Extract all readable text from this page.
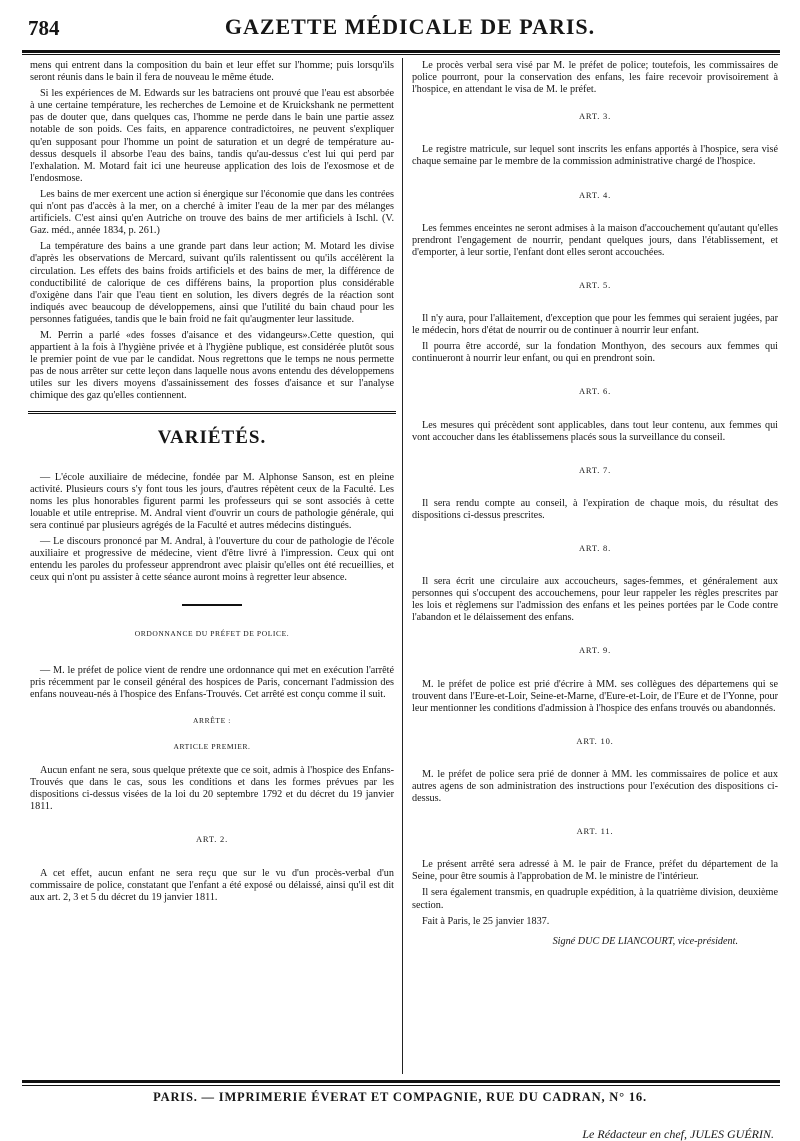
784	GAZETTE MÉDICALE DE PARIS.

mens qui entrent dans la composition du bain et leur effet sur l'homme; puis lorsqu'ils seront réunis dans le bain il fera de nouveau le même étude.

Si les expériences de M. Edwards sur les batraciens ont prouvé que l'eau est absorbée à une certaine température, les recherches de Lemoine et de Kruickshank ne permettent pas de douter que, dans quelques cas, l'homme ne perde dans le bain une partie assez notable de son poids. Ces faits, en apparence contradictoires, ne peuvent s'expliquer qu'en supposant pour l'homme un point de saturation et un degré de température au-dessus desquels il absorbe l'eau des bains, tandis qu'au-dessus c'est lui qui perd par l'exhalation. M. Motard fait ici une heureuse application des lois de l'exosmose et de l'endosmose.

Les bains de mer exercent une action si énergique sur l'économie que dans les contrées qui n'ont pas d'accès à la mer, on a cherché à imiter l'eau de la mer par des mélanges artificiels. C'est ainsi qu'en Autriche on trouve des bains de mer artificiels à Ischl. (V. Gaz. méd., année 1834, p. 261.)

La température des bains a une grande part dans leur action; M. Motard les divise d'après les observations de Mercard, suivant qu'ils ralentissent ou qu'ils accélèrent la circulation. Les effets des bains froids artificiels et des bains de mer, la différence de conductibilité de calorique de ces différens bains, la proportion plus considérable d'oxigène dans l'air que l'eau tient en solution, les divers degrés de la réaction sont indiqués avec beaucoup de développemens, ainsi que l'utilité du bain chaud pour les personnes fatiguées, tandis que le bain froid ne fait qu'augmenter leur lassitude.

M. Perrin a parlé «des fosses d'aisance et des vidangeurs».Cette question, qui appartient à la fois à l'hygiène privée et à l'hygiène publique, est considérée plutôt sous le premier point de vue par le candidat. Nous regrettons que le temps ne nous permette pas de nous arrêter sur cette leçon dans laquelle nous avons entendu des développemens utiles sur les divers moyens d'assainissement des fosses d'aisance et sur l'analyse chimique des gaz qu'elles contiennent.

VARIÉTÉS.

— L'école auxiliaire de médecine, fondée par M. Alphonse Sanson, est en pleine activité. Plusieurs cours s'y font tous les jours, d'autres répètent ceux de la Faculté. Les noms les plus honorables figurent parmi les professeurs qui se sont associés à cette louable et utile entreprise. M. Andral vient d'ouvrir un cours de pathologie générale, qui sera continué par plusieurs agrégés de la Faculté et autres médecins distingués.

— Le discours prononcé par M. Andral, à l'ouverture du cour de pathologie de l'école auxiliaire et progressive de médecine, vient d'être livré à l'impression. Ceux qui ont entendu les paroles du professeur apprendront avec plaisir qu'elles ont été recueillies, et ceux qui n'ont pu assister à cette séance auront moins à regretter leur absence.

ORDONNANCE DU PRÉFET DE POLICE.

— M. le préfet de police vient de rendre une ordonnance qui met en exécution l'arrêté pris récemment par le conseil général des hospices de Paris, concernant l'admission des enfans nouveau-nés à l'hospice des Enfans-Trouvés. Cet arrêté est conçu comme il suit.

ARRÊTE :
ARTICLE PREMIER.

Aucun enfant ne sera, sous quelque prétexte que ce soit, admis à l'hospice des Enfans-Trouvés que dans le cas, sous les conditions et dans les formes prévues par les dispositions ci-dessus visées de la loi du 20 septembre 1792 et du décret du 19 janvier 1811.

ART. 2.

A cet effet, aucun enfant ne sera reçu que sur le vu d'un procès-verbal d'un commissaire de police, constatant que l'enfant a été exposé ou délaissé, ainsi qu'il est dit aux art. 2, 3 et 5 du décret du 19 janvier 1811.

Le procès verbal sera visé par M. le préfet de police; toutefois, les commissaires de police pourront, pour la conservation des enfans, les faire recevoir provisoirement à l'hospice, en attendant le visa de M. le préfet.

ART. 3.

Le registre matricule, sur lequel sont inscrits les enfans apportés à l'hospice, sera visé chaque semaine par le membre de la commission administrative chargé de l'hospice.

ART. 4.

Les femmes enceintes ne seront admises à la maison d'accouchement qu'autant qu'elles prendront l'engagement de nourrir, pendant quelques jours, dans l'établissement, et d'emporter, à leur sortie, l'enfant dont elles seront accouchées.

ART. 5.

Il n'y aura, pour l'allaitement, d'exception que pour les femmes qui seraient jugées, par le médecin, hors d'état de nourrir ou de continuer à nourrir leur enfant.

Il pourra être accordé, sur la fondation Monthyon, des secours aux femmes qui continueront à nourrir leur enfant, ou qui en prendront soin.

ART. 6.

Les mesures qui précèdent sont applicables, dans tout leur contenu, aux femmes qui vont accoucher dans les établissemens placés sous la surveillance du conseil.

ART. 7.

Il sera rendu compte au conseil, à l'expiration de chaque mois, du résultat des dispositions ci-dessus prescrites.

ART. 8.

Il sera écrit une circulaire aux accoucheurs, sages-femmes, et généralement aux personnes qui s'occupent des accouchemens, pour leur rappeler les règles prescrites par les lois et règlemens sur l'admission des enfans et les peines portées par le Code contre l'abandon et le délaissement des enfans.

ART. 9.

M. le préfet de police est prié d'écrire à MM. ses collègues des départemens qui se trouvent dans l'Eure-et-Loir, Seine-et-Marne, d'Eure-et-Loir, de l'Eure et de l'Yonne, pour leur mentionner les conditions d'admission à l'hospice des enfans trouvés ou abandonnés.

ART. 10.

M. le préfet de police sera prié de donner à MM. les commissaires de police et aux autres agens de son administration des instructions pour l'exécution des dispositions ci-dessus.

ART. 11.

Le présent arrêté sera adressé à M. le pair de France, préfet du département de la Seine, pour être soumis à l'approbation de M. le ministre de l'intérieur.

Il sera également transmis, en quadruple expédition, à la quatrième division, deuxième section.

Fait à Paris, le 25 janvier 1837.

Signé DUC DE LIANCOURT, vice-président.

Le Rédacteur en chef, JULES GUÉRIN.

PARIS. — IMPRIMERIE ÉVERAT ET COMPAGNIE, RUE DU CADRAN, N° 16.
